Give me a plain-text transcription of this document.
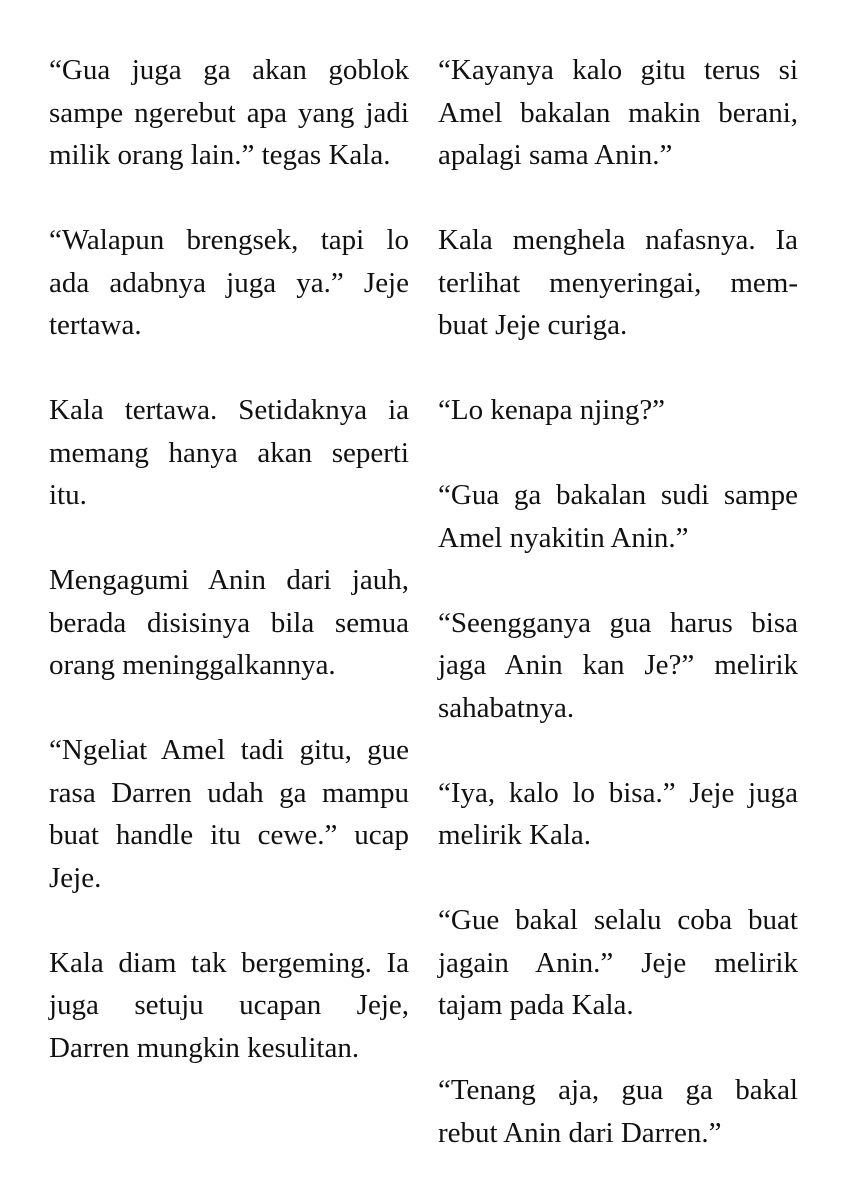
“Gua juga ga akan goblok sampe ngerebut apa yang jadi milik orang lain.” tegas Kala.

“Walapun brengsek, tapi lo ada adabnya juga ya.” Jeje tertawa.

Kala tertawa. Setidaknya ia memang hanya akan seperti itu.

Mengagumi Anin dari jauh, berada disisinya bila semua orang meninggalkannya.

“Ngeliat Amel tadi gitu, gue rasa Darren udah ga mampu buat handle itu cewe.” ucap Jeje.

Kala diam tak bergeming. Ia juga setuju ucapan Jeje, Darren mungkin kesulitan.

“Kayanya kalo gitu terus si Amel bakalan makin berani, apalagi sama Anin.”

Kala menghela nafasnya. Ia terlihat menyeringai, mem-buat Jeje curiga.

“Lo kenapa njing?”

“Gua ga bakalan sudi sampe Amel nyakitin Anin.”

“Seengganya gua harus bisa jaga Anin kan Je?” melirik sahabatnya.

“Iya, kalo lo bisa.” Jeje juga melirik Kala.

“Gue bakal selalu coba buat jagain Anin.” Jeje melirik tajam pada Kala.

“Tenang aja, gua ga bakal rebut Anin dari Darren.”
